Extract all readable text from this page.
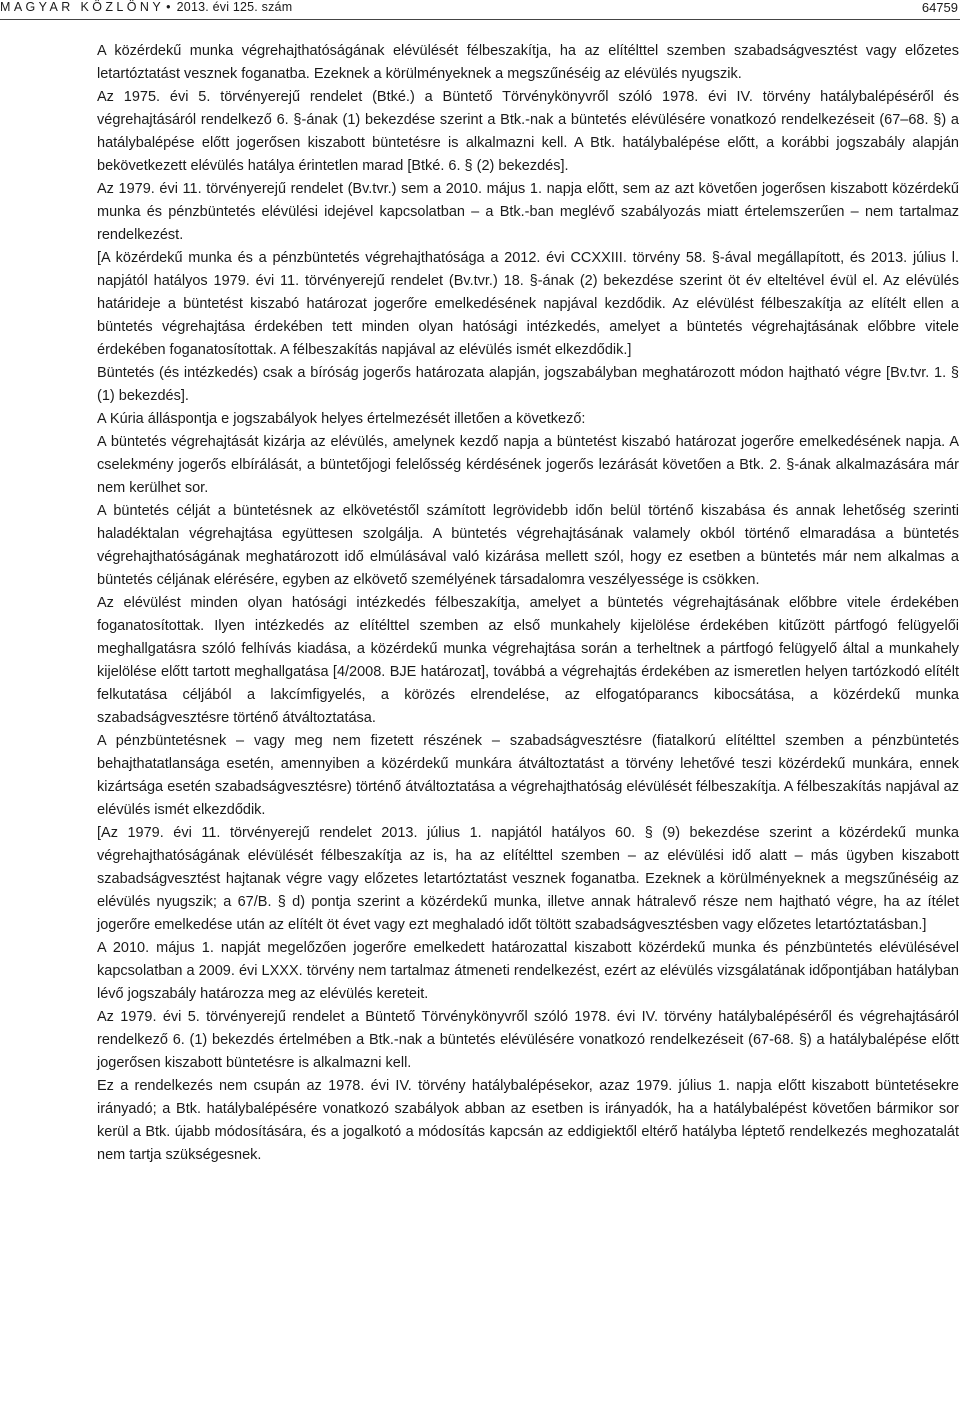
MAGYAR KÖZLÖNY • 2013. évi 125. szám	64759

A közérdekű munka végrehajthatóságának elévülését félbeszakítja, ha az elítélttel szemben szabadságvesztést vagy előzetes letartóztatást vesznek foganatba. Ezeknek a körülményeknek a megszűnéséig az elévülés nyugszik.

Az 1975. évi 5. törvényerejű rendelet (Btké.) a Büntető Törvénykönyvről szóló 1978. évi IV. törvény hatálybalépéséről és végrehajtásáról rendelkező 6. §-ának (1) bekezdése szerint a Btk.-nak a büntetés elévülésére vonatkozó rendelkezéseit (67–68. §) a hatálybalépése előtt jogerősen kiszabott büntetésre is alkalmazni kell. A Btk. hatálybalépése előtt, a korábbi jogszabály alapján bekövetkezett elévülés hatálya érintetlen marad [Btké. 6. § (2) bekezdés].

Az 1979. évi 11. törvényerejű rendelet (Bv.tvr.) sem a 2010. május 1. napja előtt, sem az azt követően jogerősen kiszabott közérdekű munka és pénzbüntetés elévülési idejével kapcsolatban – a Btk.-ban meglévő szabályozás miatt értelemszerűen – nem tartalmaz rendelkezést.

[A közérdekű munka és a pénzbüntetés végrehajthatósága a 2012. évi CCXXIII. törvény 58. §-ával megállapított, és 2013. július l. napjától hatályos 1979. évi 11. törvényerejű rendelet (Bv.tvr.) 18. §-ának (2) bekezdése szerint öt év elteltével évül el. Az elévülés határideje a büntetést kiszabó határozat jogerőre emelkedésének napjával kezdődik. Az elévülést félbeszakítja az elítélt ellen a büntetés végrehajtása érdekében tett minden olyan hatósági intézkedés, amelyet a büntetés végrehajtásának előbbre vitele érdekében foganatosítottak. A félbeszakítás napjával az elévülés ismét elkezdődik.]

Büntetés (és intézkedés) csak a bíróság jogerős határozata alapján, jogszabályban meghatározott módon hajtható végre [Bv.tvr. 1. § (1) bekezdés].

A Kúria álláspontja e jogszabályok helyes értelmezését illetően a következő:

A büntetés végrehajtását kizárja az elévülés, amelynek kezdő napja a büntetést kiszabó határozat jogerőre emelkedésének napja. A cselekmény jogerős elbírálását, a büntetőjogi felelősség kérdésének jogerős lezárását követően a Btk. 2. §-ának alkalmazására már nem kerülhet sor.

A büntetés célját a büntetésnek az elkövetéstől számított legrövidebb időn belül történő kiszabása és annak lehetőség szerinti haladéktalan végrehajtása együttesen szolgálja. A büntetés végrehajtásának valamely okból történő elmaradása a büntetés végrehajthatóságának meghatározott idő elmúlásával való kizárása mellett szól, hogy ez esetben a büntetés már nem alkalmas a büntetés céljának elérésére, egyben az elkövető személyének társadalomra veszélyessége is csökken.

Az elévülést minden olyan hatósági intézkedés félbeszakítja, amelyet a büntetés végrehajtásának előbbre vitele érdekében foganatosítottak. Ilyen intézkedés az elítélttel szemben az első munkahely kijelölése érdekében kitűzött pártfogó felügyelői meghallgatásra szóló felhívás kiadása, a közérdekű munka végrehajtása során a terheltnek a pártfogó felügyelő által a munkahely kijelölése előtt tartott meghallgatása [4/2008. BJE határozat], továbbá a végrehajtás érdekében az ismeretlen helyen tartózkodó elítélt felkutatása céljából a lakcímfigyelés, a körözés elrendelése, az elfogatóparancs kibocsátása, a közérdekű munka szabadságvesztésre történő átváltoztatása.

A pénzbüntetésnek – vagy meg nem fizetett részének – szabadságvesztésre (fiatalkorú elítélttel szemben a pénzbüntetés behajthatatlansága esetén, amennyiben a közérdekű munkára átváltoztatást a törvény lehetővé teszi közérdekű munkára, ennek kizártsága esetén szabadságvesztésre) történő átváltoztatása a végrehajthatóság elévülését félbeszakítja. A félbeszakítás napjával az elévülés ismét elkezdődik.

[Az 1979. évi 11. törvényerejű rendelet 2013. július 1. napjától hatályos 60. § (9) bekezdése szerint a közérdekű munka végrehajthatóságának elévülését félbeszakítja az is, ha az elítélttel szemben – az elévülési idő alatt – más ügyben kiszabott szabadságvesztést hajtanak végre vagy előzetes letartóztatást vesznek foganatba. Ezeknek a körülményeknek a megszűnéséig az elévülés nyugszik; a 67/B. § d) pontja szerint a közérdekű munka, illetve annak hátralevő része nem hajtható végre, ha az ítélet jogerőre emelkedése után az elítélt öt évet vagy ezt meghaladó időt töltött szabadságvesztésben vagy előzetes letartóztatásban.]

A 2010. május 1. napját megelőzően jogerőre emelkedett határozattal kiszabott közérdekű munka és pénzbüntetés elévülésével kapcsolatban a 2009. évi LXXX. törvény nem tartalmaz átmeneti rendelkezést, ezért az elévülés vizsgálatának időpontjában hatályban lévő jogszabály határozza meg az elévülés kereteit.

Az 1979. évi 5. törvényerejű rendelet a Büntető Törvénykönyvről szóló 1978. évi IV. törvény hatálybalépéséről és végrehajtásáról rendelkező 6. (1) bekezdés értelmében a Btk.-nak a büntetés elévülésére vonatkozó rendelkezéseit (67-68. §) a hatálybalépése előtt jogerősen kiszabott büntetésre is alkalmazni kell.

Ez a rendelkezés nem csupán az 1978. évi IV. törvény hatálybalépésekor, azaz 1979. július 1. napja előtt kiszabott büntetésekre irányadó; a Btk. hatálybalépésére vonatkozó szabályok abban az esetben is irányadók, ha a hatálybalépést követően bármikor sor kerül a Btk. újabb módosítására, és a jogalkotó a módosítás kapcsán az eddigiektől eltérő hatályba léptető rendelkezés meghozatalát nem tartja szükségesnek.
